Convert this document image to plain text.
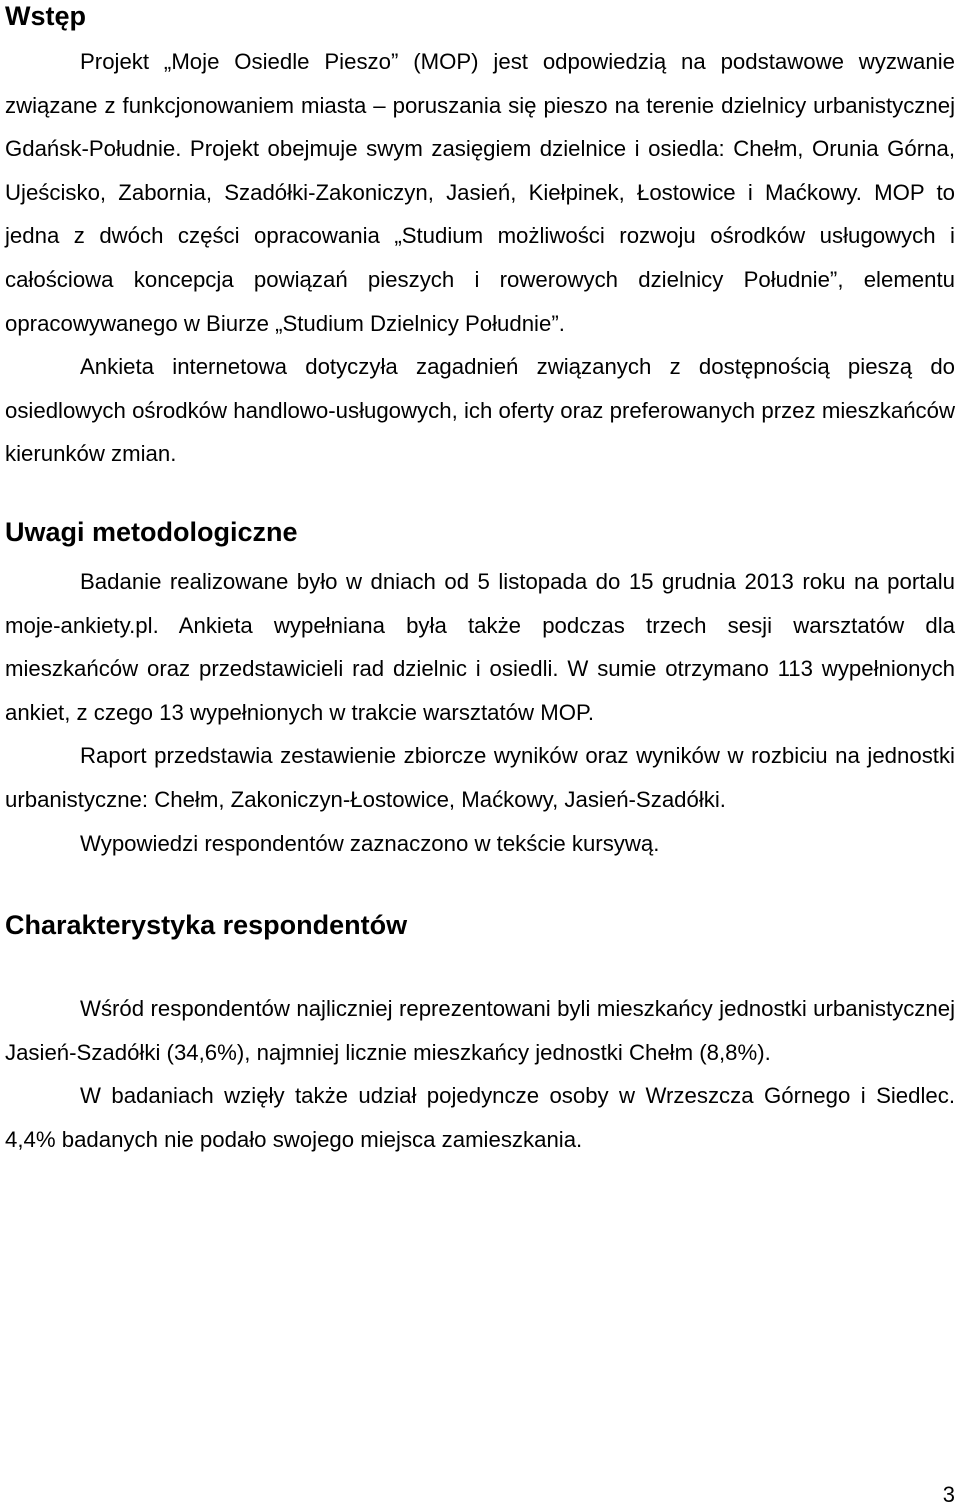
Wstęp

Projekt „Moje Osiedle Pieszo” (MOP) jest odpowiedzią na podstawowe wyzwanie związane z funkcjonowaniem miasta – poruszania się pieszo na terenie dzielnicy urbanistycznej Gdańsk-Południe. Projekt obejmuje swym zasięgiem dzielnice i osiedla: Chełm, Orunia Górna, Ujeścisko, Zabornia, Szadółki-Zakoniczyn, Jasień, Kiełpinek, Łostowice i Maćkowy. MOP to jedna z dwóch części opracowania „Studium możliwości rozwoju ośrodków usługowych i całościowa koncepcja powiązań pieszych i rowerowych dzielnicy Południe”, elementu opracowywanego w Biurze „Studium Dzielnicy Południe”.

Ankieta internetowa dotyczyła zagadnień związanych z dostępnością pieszą do osiedlowych ośrodków handlowo-usługowych, ich oferty oraz preferowanych przez mieszkańców kierunków zmian.

Uwagi metodologiczne

Badanie realizowane było w dniach od 5 listopada do 15 grudnia 2013 roku na portalu moje-ankiety.pl. Ankieta wypełniana była także podczas trzech sesji warsztatów dla mieszkańców oraz przedstawicieli rad dzielnic i osiedli. W sumie otrzymano 113 wypełnionych ankiet, z czego 13 wypełnionych w trakcie warsztatów MOP.

Raport przedstawia zestawienie zbiorcze wyników oraz wyników w rozbiciu na jednostki urbanistyczne: Chełm, Zakoniczyn-Łostowice, Maćkowy, Jasień-Szadółki.

Wypowiedzi respondentów zaznaczono w tekście kursywą.

Charakterystyka respondentów

Wśród respondentów najliczniej reprezentowani byli mieszkańcy jednostki urbanistycznej Jasień-Szadółki (34,6%), najmniej licznie mieszkańcy jednostki Chełm (8,8%).

W badaniach wzięły także udział pojedyncze osoby w Wrzeszcza Górnego i Siedlec. 4,4% badanych nie podało swojego miejsca zamieszkania.

3
